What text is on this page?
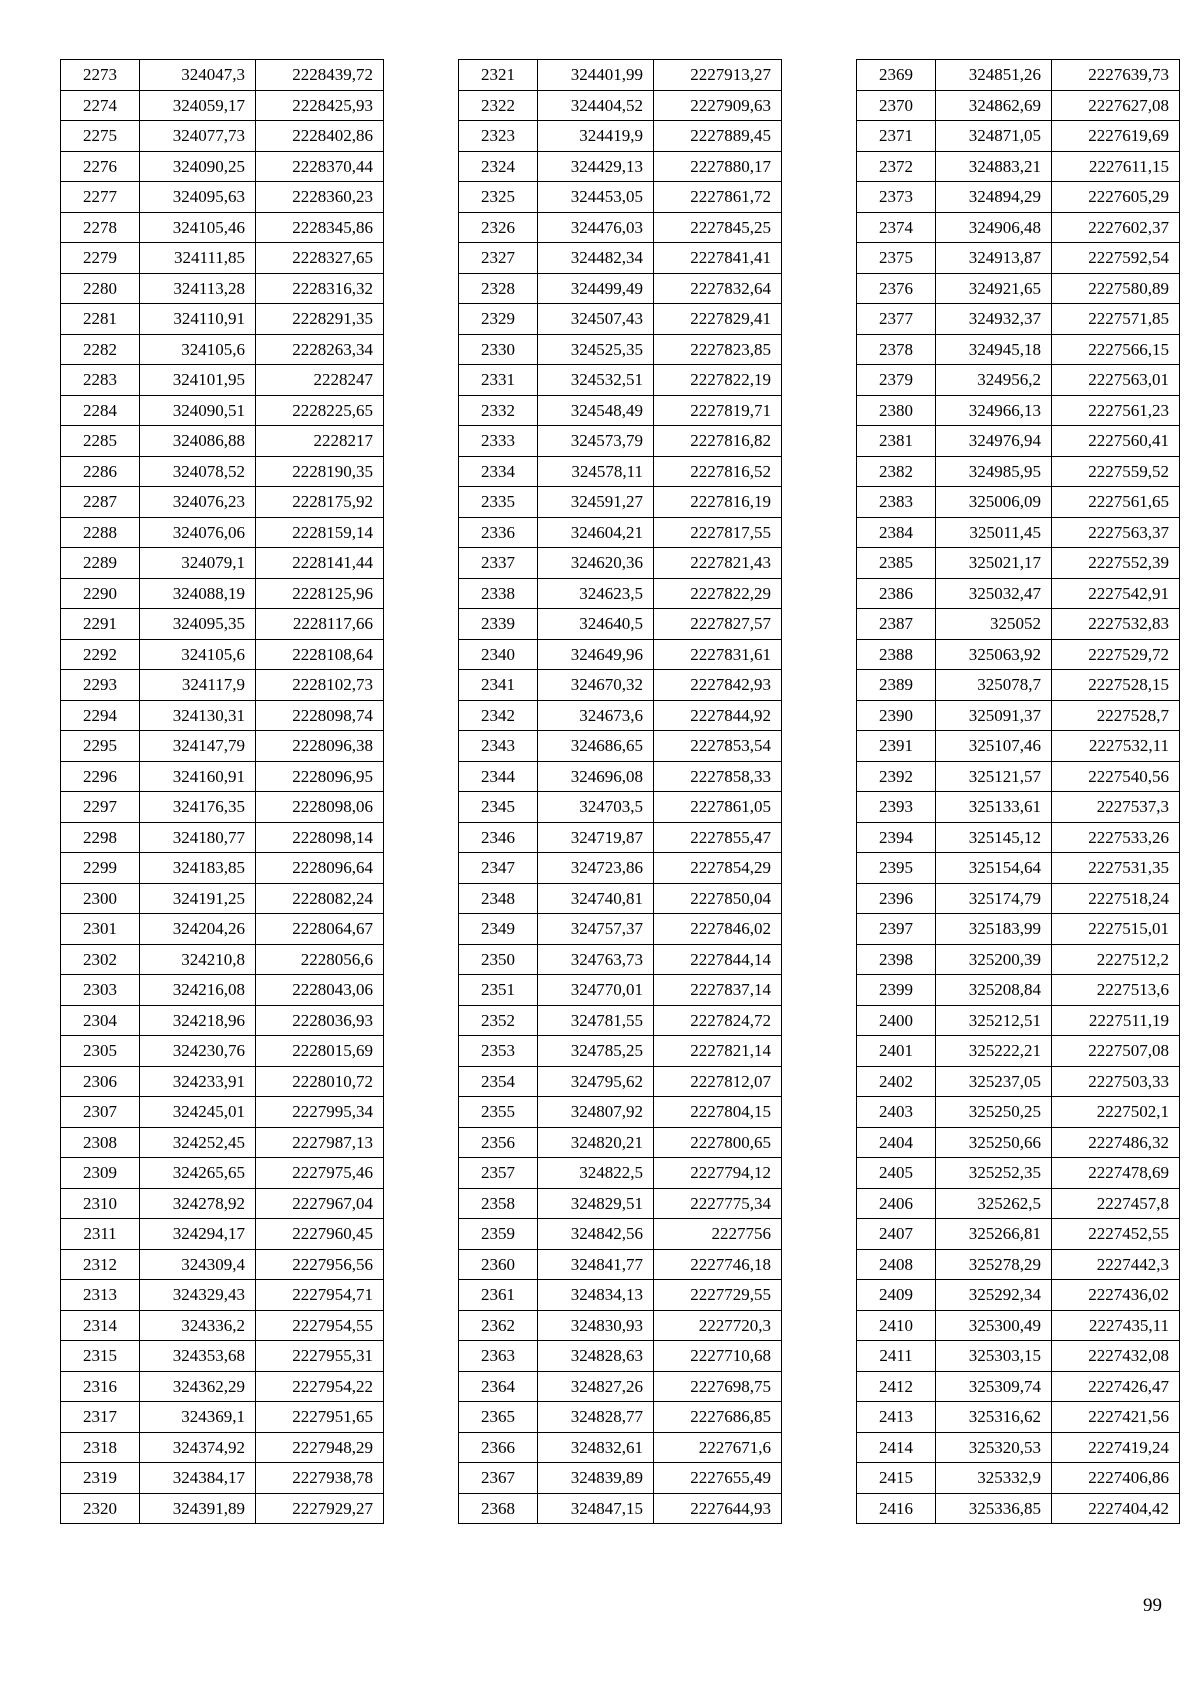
2273	324047,3	2228439,72
2274	324059,17	2228425,93
2275	324077,73	2228402,86
2276	324090,25	2228370,44
2277	324095,63	2228360,23
2278	324105,46	2228345,86
2279	324111,85	2228327,65
2280	324113,28	2228316,32
2281	324110,91	2228291,35
2282	324105,6	2228263,34
2283	324101,95	2228247
2284	324090,51	2228225,65
2285	324086,88	2228217
2286	324078,52	2228190,35
2287	324076,23	2228175,92
2288	324076,06	2228159,14
2289	324079,1	2228141,44
2290	324088,19	2228125,96
2291	324095,35	2228117,66
2292	324105,6	2228108,64
2293	324117,9	2228102,73
2294	324130,31	2228098,74
2295	324147,79	2228096,38
2296	324160,91	2228096,95
2297	324176,35	2228098,06
2298	324180,77	2228098,14
2299	324183,85	2228096,64
2300	324191,25	2228082,24
2301	324204,26	2228064,67
2302	324210,8	2228056,6
2303	324216,08	2228043,06
2304	324218,96	2228036,93
2305	324230,76	2228015,69
2306	324233,91	2228010,72
2307	324245,01	2227995,34
2308	324252,45	2227987,13
2309	324265,65	2227975,46
2310	324278,92	2227967,04
2311	324294,17	2227960,45
2312	324309,4	2227956,56
2313	324329,43	2227954,71
2314	324336,2	2227954,55
2315	324353,68	2227955,31
2316	324362,29	2227954,22
2317	324369,1	2227951,65
2318	324374,92	2227948,29
2319	324384,17	2227938,78
2320	324391,89	2227929,27
2321	324401,99	2227913,27
2322	324404,52	2227909,63
2323	324419,9	2227889,45
2324	324429,13	2227880,17
2325	324453,05	2227861,72
2326	324476,03	2227845,25
2327	324482,34	2227841,41
2328	324499,49	2227832,64
2329	324507,43	2227829,41
2330	324525,35	2227823,85
2331	324532,51	2227822,19
2332	324548,49	2227819,71
2333	324573,79	2227816,82
2334	324578,11	2227816,52
2335	324591,27	2227816,19
2336	324604,21	2227817,55
2337	324620,36	2227821,43
2338	324623,5	2227822,29
2339	324640,5	2227827,57
2340	324649,96	2227831,61
2341	324670,32	2227842,93
2342	324673,6	2227844,92
2343	324686,65	2227853,54
2344	324696,08	2227858,33
2345	324703,5	2227861,05
2346	324719,87	2227855,47
2347	324723,86	2227854,29
2348	324740,81	2227850,04
2349	324757,37	2227846,02
2350	324763,73	2227844,14
2351	324770,01	2227837,14
2352	324781,55	2227824,72
2353	324785,25	2227821,14
2354	324795,62	2227812,07
2355	324807,92	2227804,15
2356	324820,21	2227800,65
2357	324822,5	2227794,12
2358	324829,51	2227775,34
2359	324842,56	2227756
2360	324841,77	2227746,18
2361	324834,13	2227729,55
2362	324830,93	2227720,3
2363	324828,63	2227710,68
2364	324827,26	2227698,75
2365	324828,77	2227686,85
2366	324832,61	2227671,6
2367	324839,89	2227655,49
2368	324847,15	2227644,93
2369	324851,26	2227639,73
2370	324862,69	2227627,08
2371	324871,05	2227619,69
2372	324883,21	2227611,15
2373	324894,29	2227605,29
2374	324906,48	2227602,37
2375	324913,87	2227592,54
2376	324921,65	2227580,89
2377	324932,37	2227571,85
2378	324945,18	2227566,15
2379	324956,2	2227563,01
2380	324966,13	2227561,23
2381	324976,94	2227560,41
2382	324985,95	2227559,52
2383	325006,09	2227561,65
2384	325011,45	2227563,37
2385	325021,17	2227552,39
2386	325032,47	2227542,91
2387	325052	2227532,83
2388	325063,92	2227529,72
2389	325078,7	2227528,15
2390	325091,37	2227528,7
2391	325107,46	2227532,11
2392	325121,57	2227540,56
2393	325133,61	2227537,3
2394	325145,12	2227533,26
2395	325154,64	2227531,35
2396	325174,79	2227518,24
2397	325183,99	2227515,01
2398	325200,39	2227512,2
2399	325208,84	2227513,6
2400	325212,51	2227511,19
2401	325222,21	2227507,08
2402	325237,05	2227503,33
2403	325250,25	2227502,1
2404	325250,66	2227486,32
2405	325252,35	2227478,69
2406	325262,5	2227457,8
2407	325266,81	2227452,55
2408	325278,29	2227442,3
2409	325292,34	2227436,02
2410	325300,49	2227435,11
2411	325303,15	2227432,08
2412	325309,74	2227426,47
2413	325316,62	2227421,56
2414	325320,53	2227419,24
2415	325332,9	2227406,86
2416	325336,85	2227404,42
99
